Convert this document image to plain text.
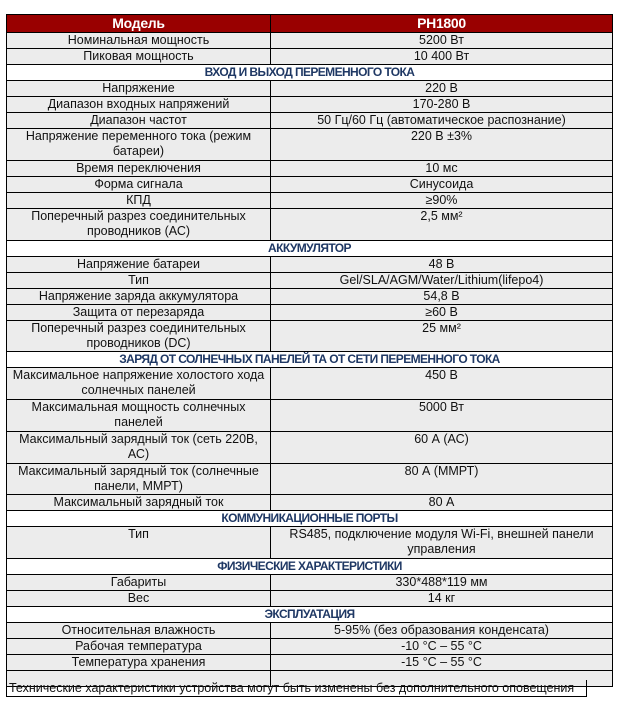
Модель	PH1800
Номинальная мощность	5200 Вт
Пиковая мощность	10 400 Вт
ВХОД И ВЫХОД ПЕРЕМЕННОГО ТОКА	
Напряжение	220 В
Диапазон входных напряжений	170-280 В
Диапазон частот	50 Гц/60 Гц (автоматическое распознание)
Напряжение переменного тока (режим батареи)	220 В ±3%
Время переключения	10 мс
Форма сигнала	Синусоида
КПД	≥90%
Поперечный разрез соединительных проводников (АС)	2,5 мм²
АККУМУЛЯТОР	
Напряжение батареи	48 В
Тип	Gel/SLA/AGM/Water/Lithium(lifepo4)
Напряжение заряда аккумулятора	54,8 В
Защита от перезаряда	≥60 В
Поперечный разрез соединительных проводников (DC)	25 мм²
ЗАРЯД ОТ СОЛНЕЧНЫХ ПАНЕЛЕЙ ТА ОТ СЕТИ ПЕРЕМЕННОГО ТОКА	
Максимальное напряжение холостого хода солнечных панелей	450 В
Максимальная мощность солнечных панелей	5000 Вт
Максимальный зарядный ток (сеть 220В, АС)	60 А (АС)
Максимальный зарядный ток (солнечные панели, ММРТ)	80 А (ММРТ)
Максимальный зарядный ток	80 А
КОММУНИКАЦИОННЫЕ ПОРТЫ	
Тип	RS485, подключение модуля Wi-Fi, внешней панели управления
ФИЗИЧЕСКИЕ ХАРАКТЕРИСТИКИ	
Габариты	330*488*119 мм
Вес	14 кг
ЭКСПЛУАТАЦИЯ	
Относительная влажность	5-95% (без образования конденсата)
Рабочая температура	-10 °C – 55 °C
Температура хранения	-15 °C – 55 °C

Технические характеристики устройства могут быть изменены без дополнительного оповещения
